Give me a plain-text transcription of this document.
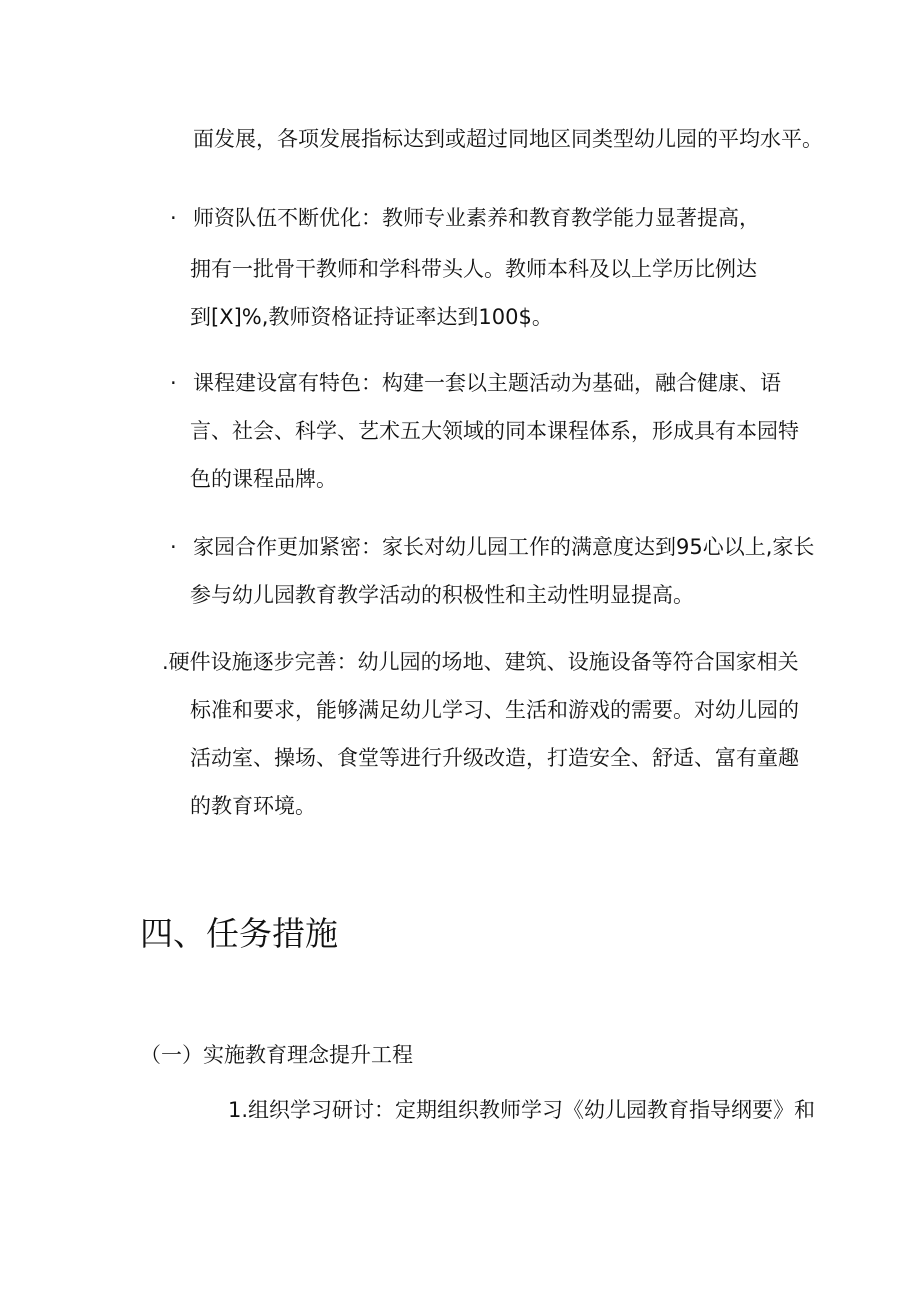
面发展，各项发展指标达到或超过同地区同类型幼儿园的平均水平。
· 师资队伍不断优化：教师专业素养和教育教学能力显著提高，
拥有一批骨干教师和学科带头人。教师本科及以上学历比例达
到[X]%,教师资格证持证率达到100$。
· 课程建设富有特色：构建一套以主题活动为基础，融合健康、语
言、社会、科学、艺术五大领域的同本课程体系，形成具有本园特
色的课程品牌。
· 家园合作更加紧密：家长对幼儿园工作的满意度达到95心以上,家长
参与幼儿园教育教学活动的积极性和主动性明显提高。
.硬件设施逐步完善：幼儿园的场地、建筑、设施设备等符合国家相关
标准和要求，能够满足幼儿学习、生活和游戏的需要。对幼儿园的
活动室、操场、食堂等进行升级改造，打造安全、舒适、富有童趣
的教育环境。
四、任务措施
（一）实施教育理念提升工程
1.组织学习研讨：定期组织教师学习《幼儿园教育指导纲要》和
